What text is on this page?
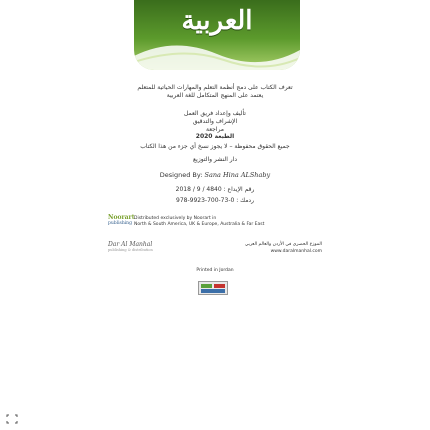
العربية
تعرف الكتاب على دمج أنظمة التعلم والمهارات الحياتية للمتعلم
يعتمد على المنهج المتكامل للغة العربية
تأليف وإعداد فريق العمل
الإشراف والتدقيق
مراجعة
2020 الطبعة
جميع الحقوق محفوظة – لا يجوز نسخ أي جزء من هذا الكتاب
دار النشر والتوزيع
Designed By: Sana Hina ALShaby
2018 / 9 / 4840 : رقم الإيداع
978-9923-700-73-0 : ردمك
Noorart
publishing
Distributed exclusively by Noorart in
North & South America, UK & Europe, Australia & Far East
Dar Al Manhal
publishing & distribution
الموزع الحصري في الأردن والعالم العربي
www.daralmanhal.com
Printed in Jordan
